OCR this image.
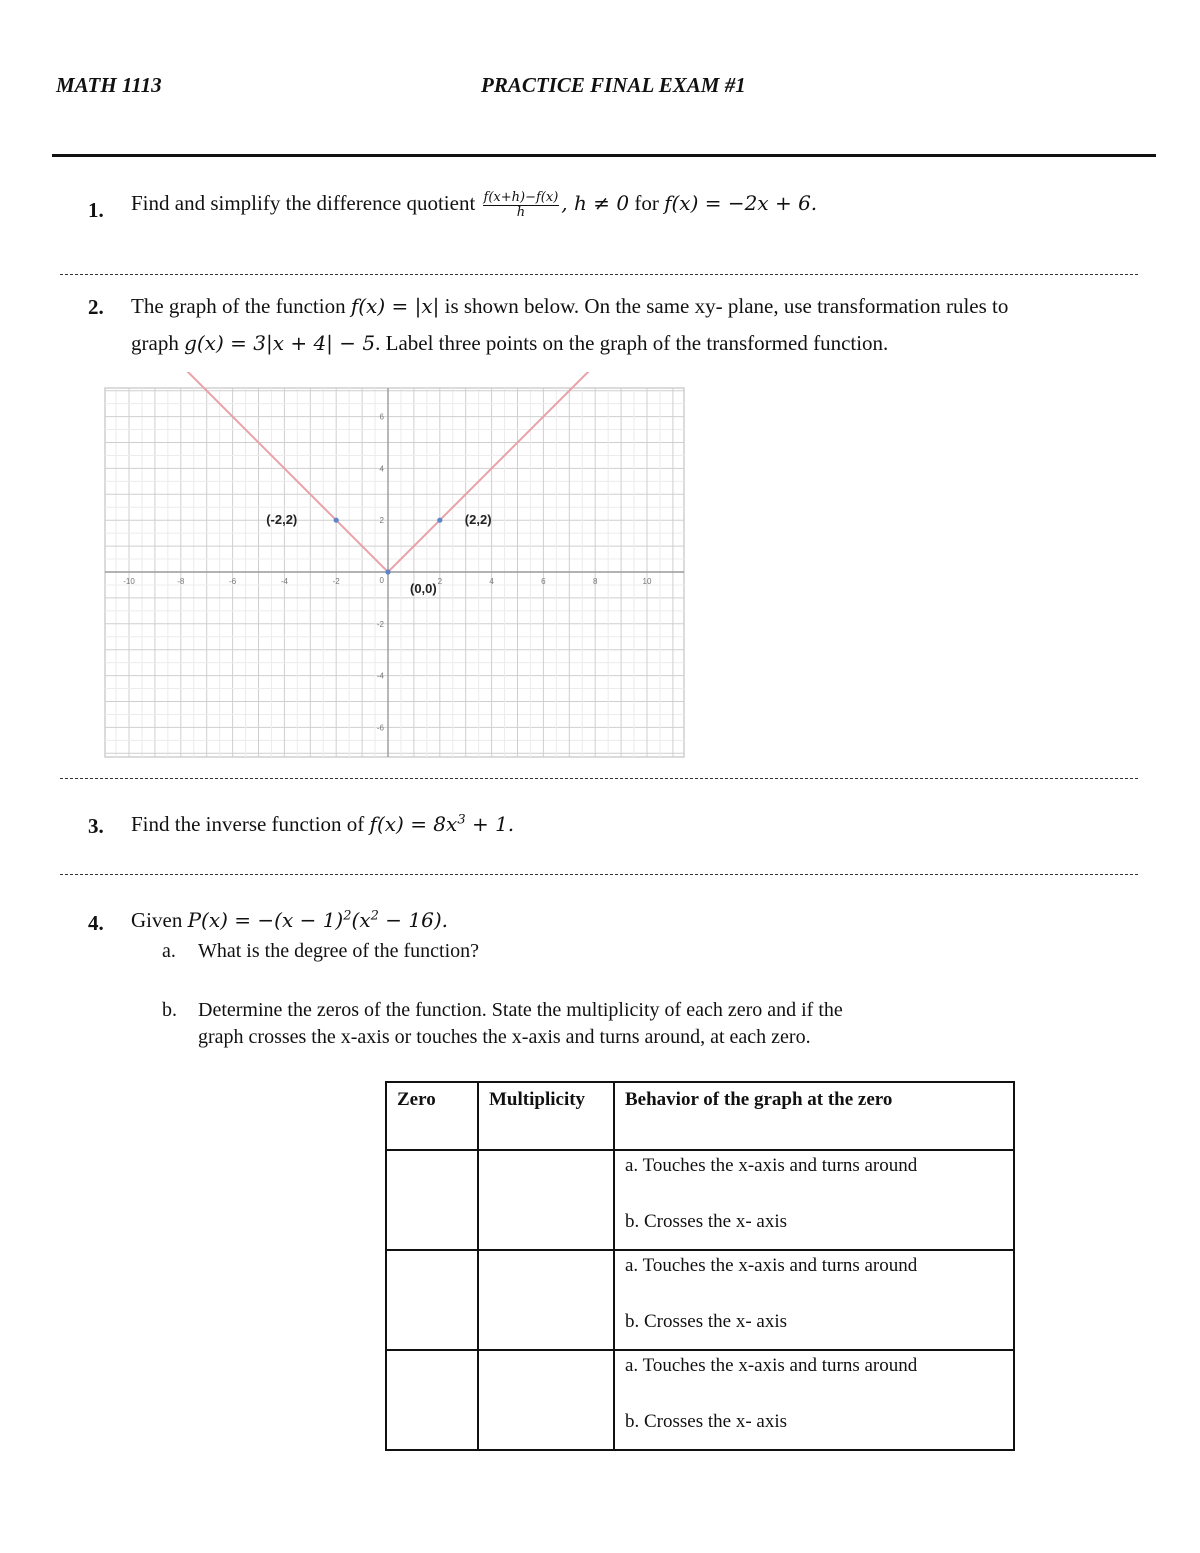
MATH 1113	PRACTICE FINAL EXAM #1
1. Find and simplify the difference quotient $\frac{f(x+h)-f(x)}{h}$ , h ≠ 0 for f(x) = −2x + 6.
2. The graph of the function f(x) = |x| is shown below. On the same xy- plane, use transformation rules to
graph g(x) = 3|x + 4| − 5. Label three points on the graph of the transformed function.
-10	-8	-6	-4	-2	2	4	6	8	10
6
4
2
-2
-4
-6
0
(-2,2)
(0,0)
(2,2)
3. Find the inverse function of $f(x) = 8x^3 + 1$.
4. Given $P(x) = -(x - 1)^2(x^2 - 16)$.
a. What is the degree of the function?
b. Determine the zeros of the function. State the multiplicity of each zero and if the
graph crosses the x-axis or touches the x-axis and turns around, at each zero.
Zero	Multiplicity	Behavior of the graph at the zero

		a. Touches the x-axis and turns around
b. Crosses the x- axis

		a. Touches the x-axis and turns around
b. Crosses the x- axis

		a. Touches the x-axis and turns around
b. Crosses the x- axis
